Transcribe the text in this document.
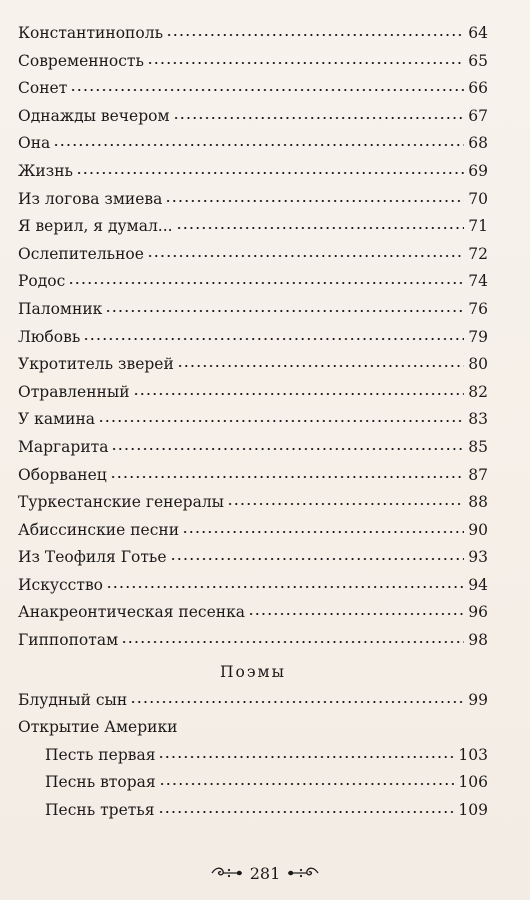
Константинополь	64
Современность	65
Сонет	66
Однажды вечером	67
Она	68
Жизнь	69
Из логова змиева	70
Я верил, я думал...	71
Ослепительное	72
Родос	74
Паломник	76
Любовь	79
Укротитель зверей	80
Отравленный	82
У камина	83
Маргарита	85
Оборванец	87
Туркестанские генералы	88
Абиссинские песни	90
Из Теофиля Готье	93
Искусство	94
Анакреонтическая песенка	96
Гиппопотам	98
Поэмы
Блудный сын	99
Открытие Америки
Песть первая	103
Песнь вторая	106
Песнь третья	109
281
